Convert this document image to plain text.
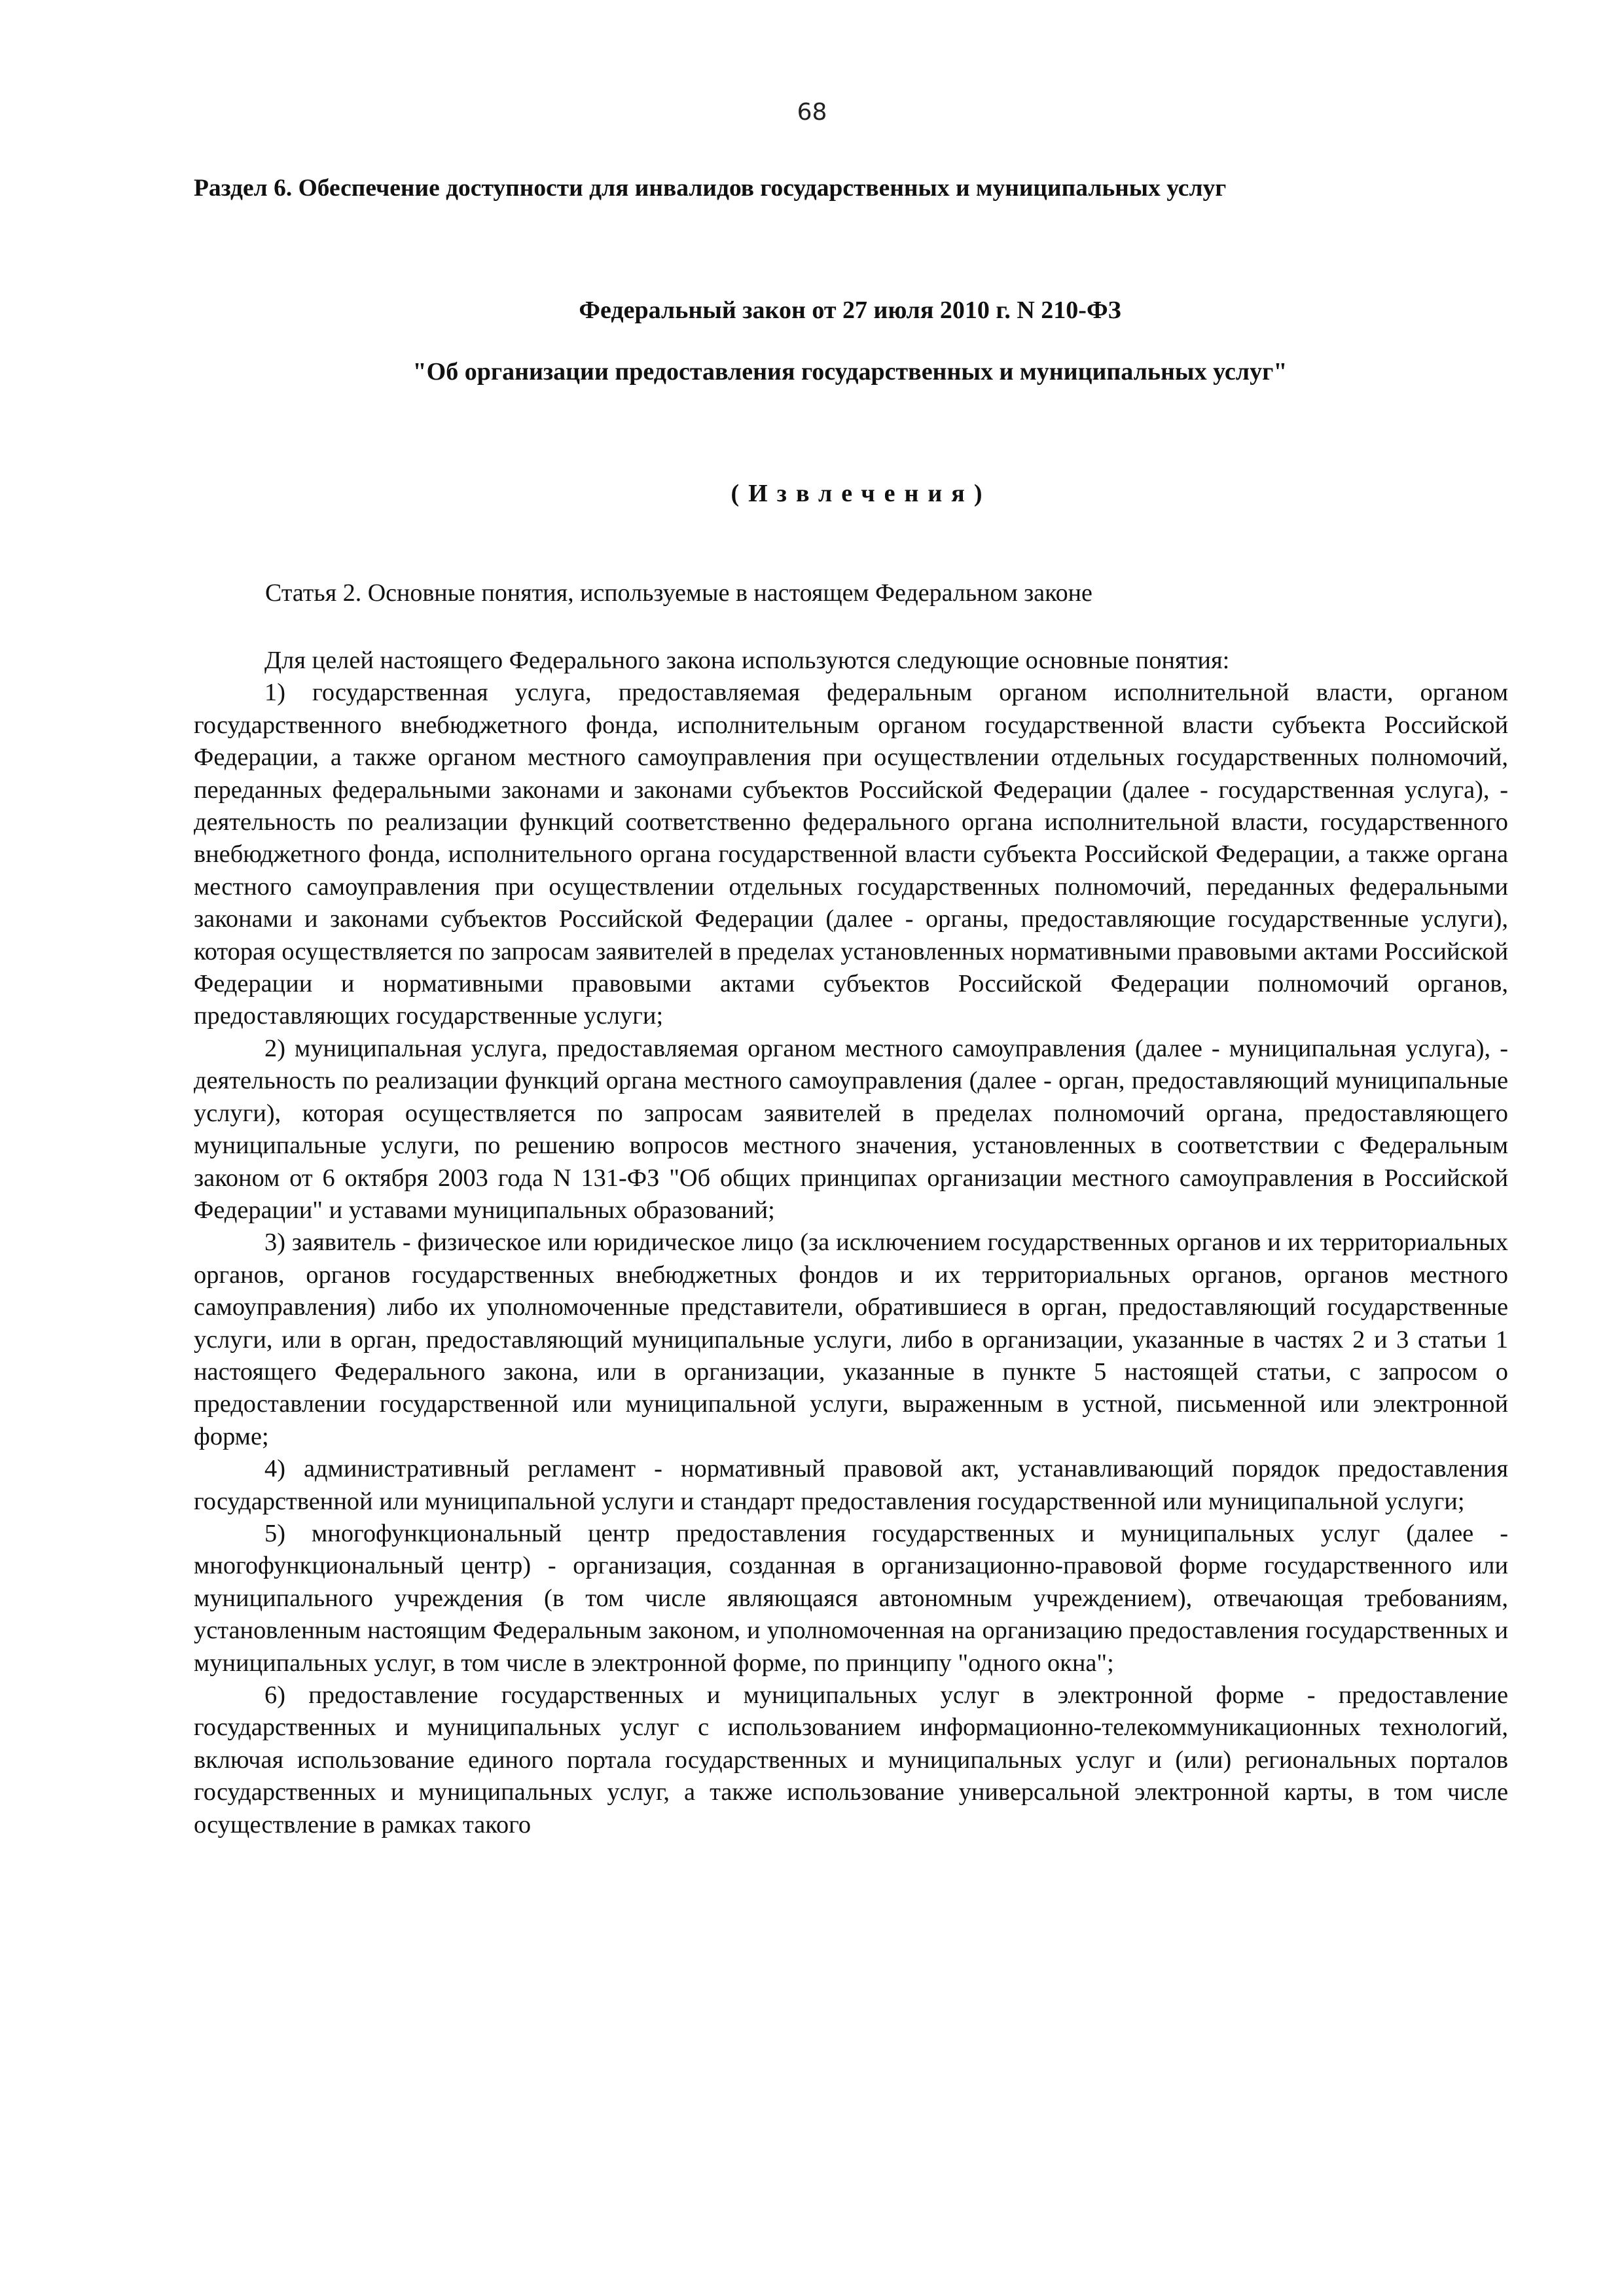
68
Раздел 6. Обеспечение доступности для инвалидов государственных и муниципальных услуг
Федеральный закон от 27 июля 2010 г. N 210-ФЗ
"Об организации предоставления государственных и муниципальных услуг"
(Извлечения)
Статья 2. Основные понятия, используемые в настоящем Федеральном законе

Для целей настоящего Федерального закона используются следующие основные понятия:

1) государственная услуга, предоставляемая федеральным органом исполнительной власти, органом государственного внебюджетного фонда, исполнительным органом государственной власти субъекта Российской Федерации, а также органом местного самоуправления при осуществлении отдельных государственных полномочий, переданных федеральными законами и законами субъектов Российской Федерации (далее - государственная услуга), - деятельность по реализации функций соответственно федерального органа исполнительной власти, государственного внебюджетного фонда, исполнительного органа государственной власти субъекта Российской Федерации, а также органа местного самоуправления при осуществлении отдельных государственных полномочий, переданных федеральными законами и законами субъектов Российской Федерации (далее - органы, предоставляющие государственные услуги), которая осуществляется по запросам заявителей в пределах установленных нормативными правовыми актами Российской Федерации и нормативными правовыми актами субъектов Российской Федерации полномочий органов, предоставляющих государственные услуги;

2) муниципальная услуга, предоставляемая органом местного самоуправления (далее - муниципальная услуга), - деятельность по реализации функций органа местного самоуправления (далее - орган, предоставляющий муниципальные услуги), которая осуществляется по запросам заявителей в пределах полномочий органа, предоставляющего муниципальные услуги, по решению вопросов местного значения, установленных в соответствии с Федеральным законом от 6 октября 2003 года N 131-ФЗ "Об общих принципах организации местного самоуправления в Российской Федерации" и уставами муниципальных образований;

3) заявитель - физическое или юридическое лицо (за исключением государственных органов и их территориальных органов, органов государственных внебюджетных фондов и их территориальных органов, органов местного самоуправления) либо их уполномоченные представители, обратившиеся в орган, предоставляющий государственные услуги, или в орган, предоставляющий муниципальные услуги, либо в организации, указанные в частях 2 и 3 статьи 1 настоящего Федерального закона, или в организации, указанные в пункте 5 настоящей статьи, с запросом о предоставлении государственной или муниципальной услуги, выраженным в устной, письменной или электронной форме;

4) административный регламент - нормативный правовой акт, устанавливающий порядок предоставления государственной или муниципальной услуги и стандарт предоставления государственной или муниципальной услуги;

5) многофункциональный центр предоставления государственных и муниципальных услуг (далее - многофункциональный центр) - организация, созданная в организационно-правовой форме государственного или муниципального учреждения (в том числе являющаяся автономным учреждением), отвечающая требованиям, установленным настоящим Федеральным законом, и уполномоченная на организацию предоставления государственных и муниципальных услуг, в том числе в электронной форме, по принципу "одного окна";

6) предоставление государственных и муниципальных услуг в электронной форме - предоставление государственных и муниципальных услуг с использованием информационно-телекоммуникационных технологий, включая использование единого портала государственных и муниципальных услуг и (или) региональных порталов государственных и муниципальных услуг, а также использование универсальной электронной карты, в том числе осуществление в рамках такого
